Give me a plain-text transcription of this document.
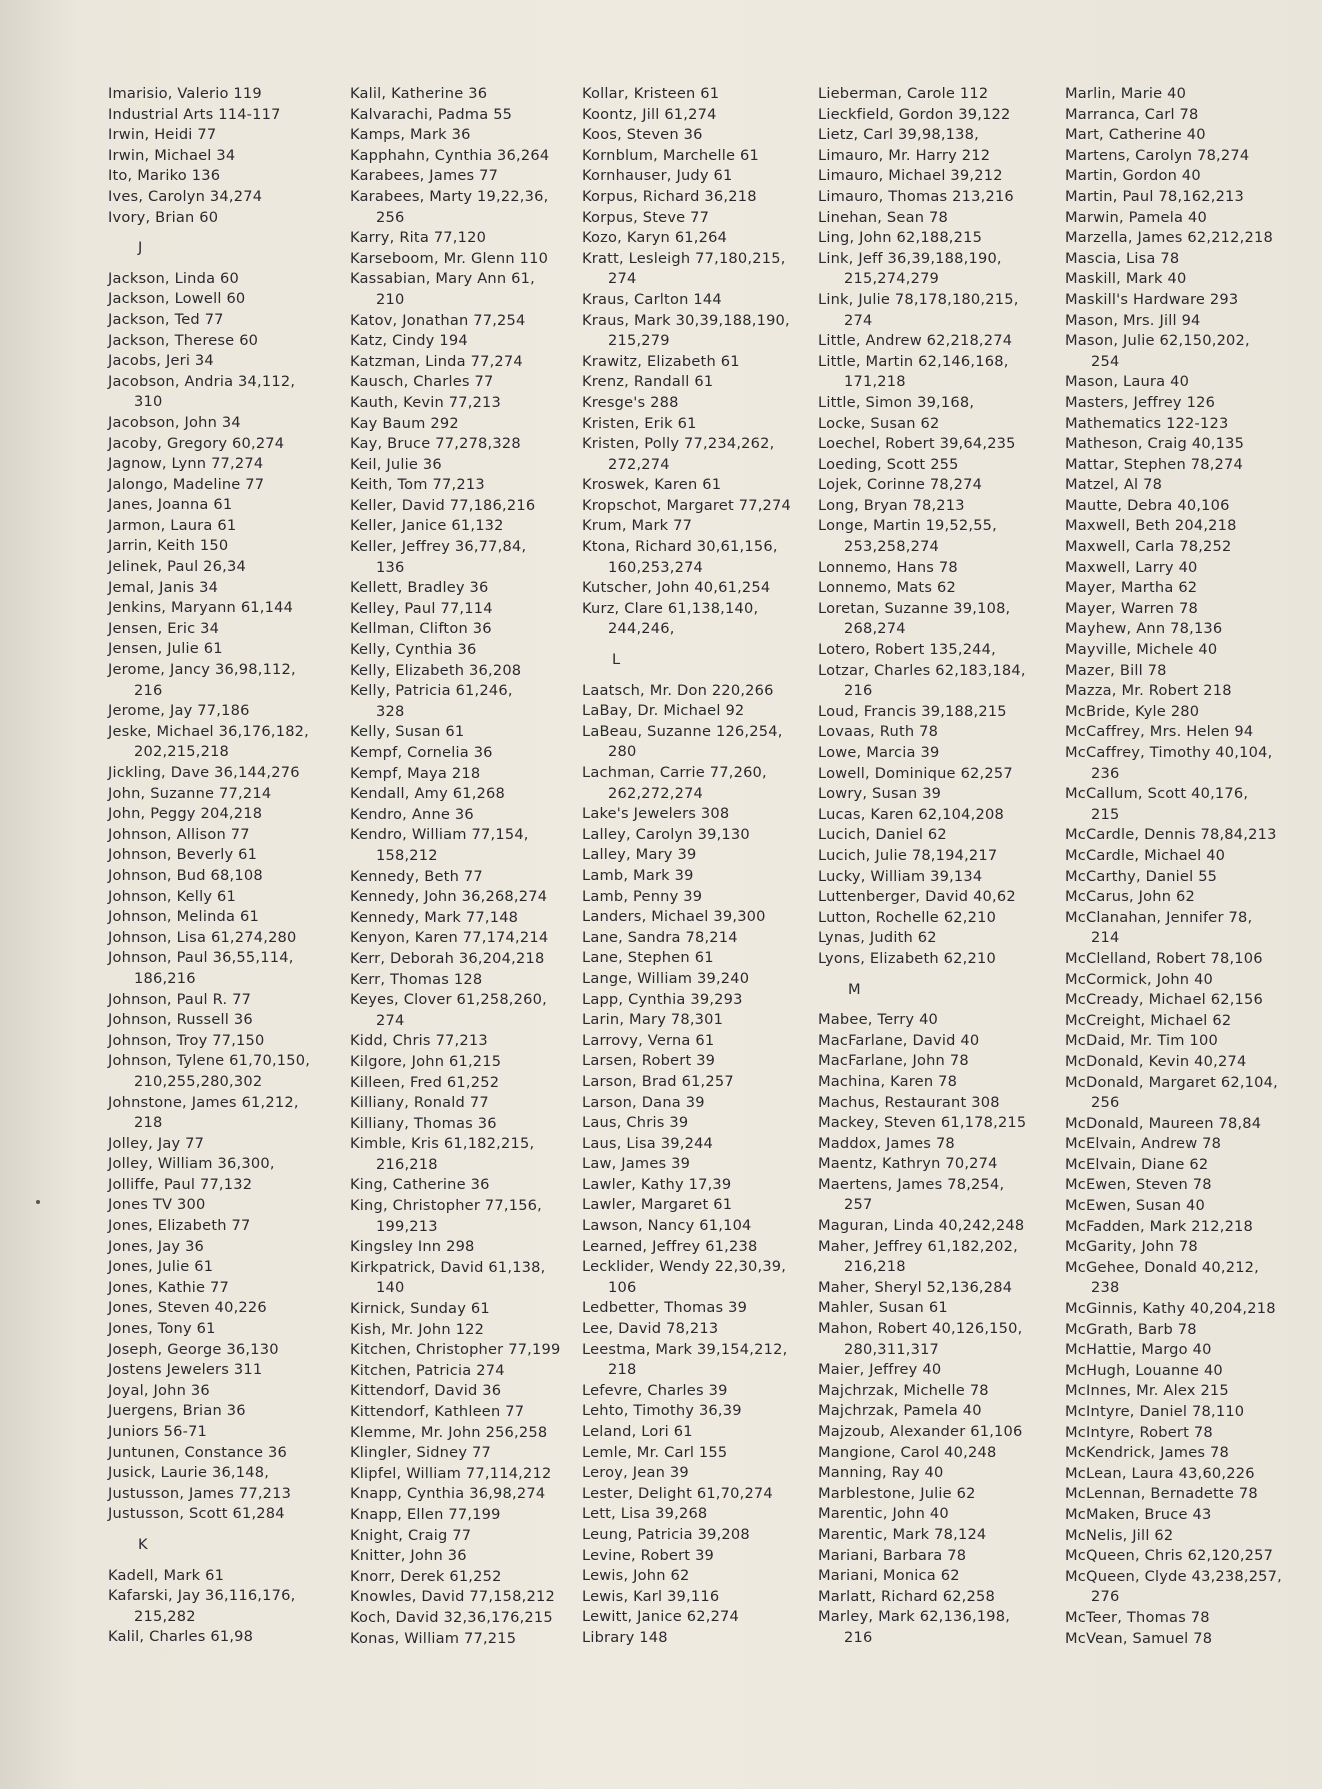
Imarisio, Valerio 119
Industrial Arts 114-117
Irwin, Heidi 77
Irwin, Michael 34
Ito, Mariko 136
Ives, Carolyn 34,274
Ivory, Brian 60
J
Jackson, Linda 60
Jackson, Lowell 60
Jackson, Ted 77
Jackson, Therese 60
Jacobs, Jeri 34
Jacobson, Andria 34,112,
310
Jacobson, John 34
Jacoby, Gregory 60,274
Jagnow, Lynn 77,274
Jalongo, Madeline 77
Janes, Joanna 61
Jarmon, Laura 61
Jarrin, Keith 150
Jelinek, Paul 26,34
Jemal, Janis 34
Jenkins, Maryann 61,144
Jensen, Eric 34
Jensen, Julie 61
Jerome, Jancy 36,98,112,
216
Jerome, Jay 77,186
Jeske, Michael 36,176,182,
202,215,218
Jickling, Dave 36,144,276
John, Suzanne 77,214
John, Peggy 204,218
Johnson, Allison 77
Johnson, Beverly 61
Johnson, Bud 68,108
Johnson, Kelly 61
Johnson, Melinda 61
Johnson, Lisa 61,274,280
Johnson, Paul 36,55,114,
186,216
Johnson, Paul R. 77
Johnson, Russell 36
Johnson, Troy 77,150
Johnson, Tylene 61,70,150,
210,255,280,302
Johnstone, James 61,212,
218
Jolley, Jay 77
Jolley, William 36,300,
Jolliffe, Paul 77,132
Jones TV 300
Jones, Elizabeth 77
Jones, Jay 36
Jones, Julie 61
Jones, Kathie 77
Jones, Steven 40,226
Jones, Tony 61
Joseph, George 36,130
Jostens Jewelers 311
Joyal, John 36
Juergens, Brian 36
Juniors 56-71
Juntunen, Constance 36
Jusick, Laurie 36,148,
Justusson, James 77,213
Justusson, Scott 61,284
K
Kadell, Mark 61
Kafarski, Jay 36,116,176,
215,282
Kalil, Charles 61,98
Kalil, Katherine 36
Kalvarachi, Padma 55
Kamps, Mark 36
Kapphahn, Cynthia 36,264
Karabees, James 77
Karabees, Marty 19,22,36,
256
Karry, Rita 77,120
Karseboom, Mr. Glenn 110
Kassabian, Mary Ann 61,
210
Katov, Jonathan 77,254
Katz, Cindy 194
Katzman, Linda 77,274
Kausch, Charles 77
Kauth, Kevin 77,213
Kay Baum 292
Kay, Bruce 77,278,328
Keil, Julie 36
Keith, Tom 77,213
Keller, David 77,186,216
Keller, Janice 61,132
Keller, Jeffrey 36,77,84,
136
Kellett, Bradley 36
Kelley, Paul 77,114
Kellman, Clifton 36
Kelly, Cynthia 36
Kelly, Elizabeth 36,208
Kelly, Patricia 61,246,
328
Kelly, Susan 61
Kempf, Cornelia 36
Kempf, Maya 218
Kendall, Amy 61,268
Kendro, Anne 36
Kendro, William 77,154,
158,212
Kennedy, Beth 77
Kennedy, John 36,268,274
Kennedy, Mark 77,148
Kenyon, Karen 77,174,214
Kerr, Deborah 36,204,218
Kerr, Thomas 128
Keyes, Clover 61,258,260,
274
Kidd, Chris 77,213
Kilgore, John 61,215
Killeen, Fred 61,252
Killiany, Ronald 77
Killiany, Thomas 36
Kimble, Kris 61,182,215,
216,218
King, Catherine 36
King, Christopher 77,156,
199,213
Kingsley Inn 298
Kirkpatrick, David 61,138,
140
Kirnick, Sunday 61
Kish, Mr. John 122
Kitchen, Christopher 77,199
Kitchen, Patricia 274
Kittendorf, David 36
Kittendorf, Kathleen 77
Klemme, Mr. John 256,258
Klingler, Sidney 77
Klipfel, William 77,114,212
Knapp, Cynthia 36,98,274
Knapp, Ellen 77,199
Knight, Craig 77
Knitter, John 36
Knorr, Derek 61,252
Knowles, David 77,158,212
Koch, David 32,36,176,215
Konas, William 77,215
Kollar, Kristeen 61
Koontz, Jill 61,274
Koos, Steven 36
Kornblum, Marchelle 61
Kornhauser, Judy 61
Korpus, Richard 36,218
Korpus, Steve 77
Kozo, Karyn 61,264
Kratt, Lesleigh 77,180,215,
274
Kraus, Carlton 144
Kraus, Mark 30,39,188,190,
215,279
Krawitz, Elizabeth 61
Krenz, Randall 61
Kresge's 288
Kristen, Erik 61
Kristen, Polly 77,234,262,
272,274
Kroswek, Karen 61
Kropschot, Margaret 77,274
Krum, Mark 77
Ktona, Richard 30,61,156,
160,253,274
Kutscher, John 40,61,254
Kurz, Clare 61,138,140,
244,246,
L
Laatsch, Mr. Don 220,266
LaBay, Dr. Michael 92
LaBeau, Suzanne 126,254,
280
Lachman, Carrie 77,260,
262,272,274
Lake's Jewelers 308
Lalley, Carolyn 39,130
Lalley, Mary 39
Lamb, Mark 39
Lamb, Penny 39
Landers, Michael 39,300
Lane, Sandra 78,214
Lane, Stephen 61
Lange, William 39,240
Lapp, Cynthia 39,293
Larin, Mary 78,301
Larrovy, Verna 61
Larsen, Robert 39
Larson, Brad 61,257
Larson, Dana 39
Laus, Chris 39
Laus, Lisa 39,244
Law, James 39
Lawler, Kathy 17,39
Lawler, Margaret 61
Lawson, Nancy 61,104
Learned, Jeffrey 61,238
Lecklider, Wendy 22,30,39,
106
Ledbetter, Thomas 39
Lee, David 78,213
Leestma, Mark 39,154,212,
218
Lefevre, Charles 39
Lehto, Timothy 36,39
Leland, Lori 61
Lemle, Mr. Carl 155
Leroy, Jean 39
Lester, Delight 61,70,274
Lett, Lisa 39,268
Leung, Patricia 39,208
Levine, Robert 39
Lewis, John 62
Lewis, Karl 39,116
Lewitt, Janice 62,274
Library 148
Lieberman, Carole 112
Lieckfield, Gordon 39,122
Lietz, Carl 39,98,138,
Limauro, Mr. Harry 212
Limauro, Michael 39,212
Limauro, Thomas 213,216
Linehan, Sean 78
Ling, John 62,188,215
Link, Jeff 36,39,188,190,
215,274,279
Link, Julie 78,178,180,215,
274
Little, Andrew 62,218,274
Little, Martin 62,146,168,
171,218
Little, Simon 39,168,
Locke, Susan 62
Loechel, Robert 39,64,235
Loeding, Scott 255
Lojek, Corinne 78,274
Long, Bryan 78,213
Longe, Martin 19,52,55,
253,258,274
Lonnemo, Hans 78
Lonnemo, Mats 62
Loretan, Suzanne 39,108,
268,274
Lotero, Robert 135,244,
Lotzar, Charles 62,183,184,
216
Loud, Francis 39,188,215
Lovaas, Ruth 78
Lowe, Marcia 39
Lowell, Dominique 62,257
Lowry, Susan 39
Lucas, Karen 62,104,208
Lucich, Daniel 62
Lucich, Julie 78,194,217
Lucky, William 39,134
Luttenberger, David 40,62
Lutton, Rochelle 62,210
Lynas, Judith 62
Lyons, Elizabeth 62,210
M
Mabee, Terry 40
MacFarlane, David 40
MacFarlane, John 78
Machina, Karen 78
Machus, Restaurant 308
Mackey, Steven 61,178,215
Maddox, James 78
Maentz, Kathryn 70,274
Maertens, James 78,254,
257
Maguran, Linda 40,242,248
Maher, Jeffrey 61,182,202,
216,218
Maher, Sheryl 52,136,284
Mahler, Susan 61
Mahon, Robert 40,126,150,
280,311,317
Maier, Jeffrey 40
Majchrzak, Michelle 78
Majchrzak, Pamela 40
Majzoub, Alexander 61,106
Mangione, Carol 40,248
Manning, Ray 40
Marblestone, Julie 62
Marentic, John 40
Marentic, Mark 78,124
Mariani, Barbara 78
Mariani, Monica 62
Marlatt, Richard 62,258
Marley, Mark 62,136,198,
216
Marlin, Marie 40
Marranca, Carl 78
Mart, Catherine 40
Martens, Carolyn 78,274
Martin, Gordon 40
Martin, Paul 78,162,213
Marwin, Pamela 40
Marzella, James 62,212,218
Mascia, Lisa 78
Maskill, Mark 40
Maskill's Hardware 293
Mason, Mrs. Jill 94
Mason, Julie 62,150,202,
254
Mason, Laura 40
Masters, Jeffrey 126
Mathematics 122-123
Matheson, Craig 40,135
Mattar, Stephen 78,274
Matzel, Al 78
Mautte, Debra 40,106
Maxwell, Beth 204,218
Maxwell, Carla 78,252
Maxwell, Larry 40
Mayer, Martha 62
Mayer, Warren 78
Mayhew, Ann 78,136
Mayville, Michele 40
Mazer, Bill 78
Mazza, Mr. Robert 218
McBride, Kyle 280
McCaffrey, Mrs. Helen 94
McCaffrey, Timothy 40,104,
236
McCallum, Scott 40,176,
215
McCardle, Dennis 78,84,213
McCardle, Michael 40
McCarthy, Daniel 55
McCarus, John 62
McClanahan, Jennifer 78,
214
McClelland, Robert 78,106
McCormick, John 40
McCready, Michael 62,156
McCreight, Michael 62
McDaid, Mr. Tim 100
McDonald, Kevin 40,274
McDonald, Margaret 62,104,
256
McDonald, Maureen 78,84
McElvain, Andrew 78
McElvain, Diane 62
McEwen, Steven 78
McEwen, Susan 40
McFadden, Mark 212,218
McGarity, John 78
McGehee, Donald 40,212,
238
McGinnis, Kathy 40,204,218
McGrath, Barb 78
McHattie, Margo 40
McHugh, Louanne 40
McInnes, Mr. Alex 215
McIntyre, Daniel 78,110
McIntyre, Robert 78
McKendrick, James 78
McLean, Laura 43,60,226
McLennan, Bernadette 78
McMaken, Bruce 43
McNelis, Jill 62
McQueen, Chris 62,120,257
McQueen, Clyde 43,238,257,
276
McTeer, Thomas 78
McVean, Samuel 78
